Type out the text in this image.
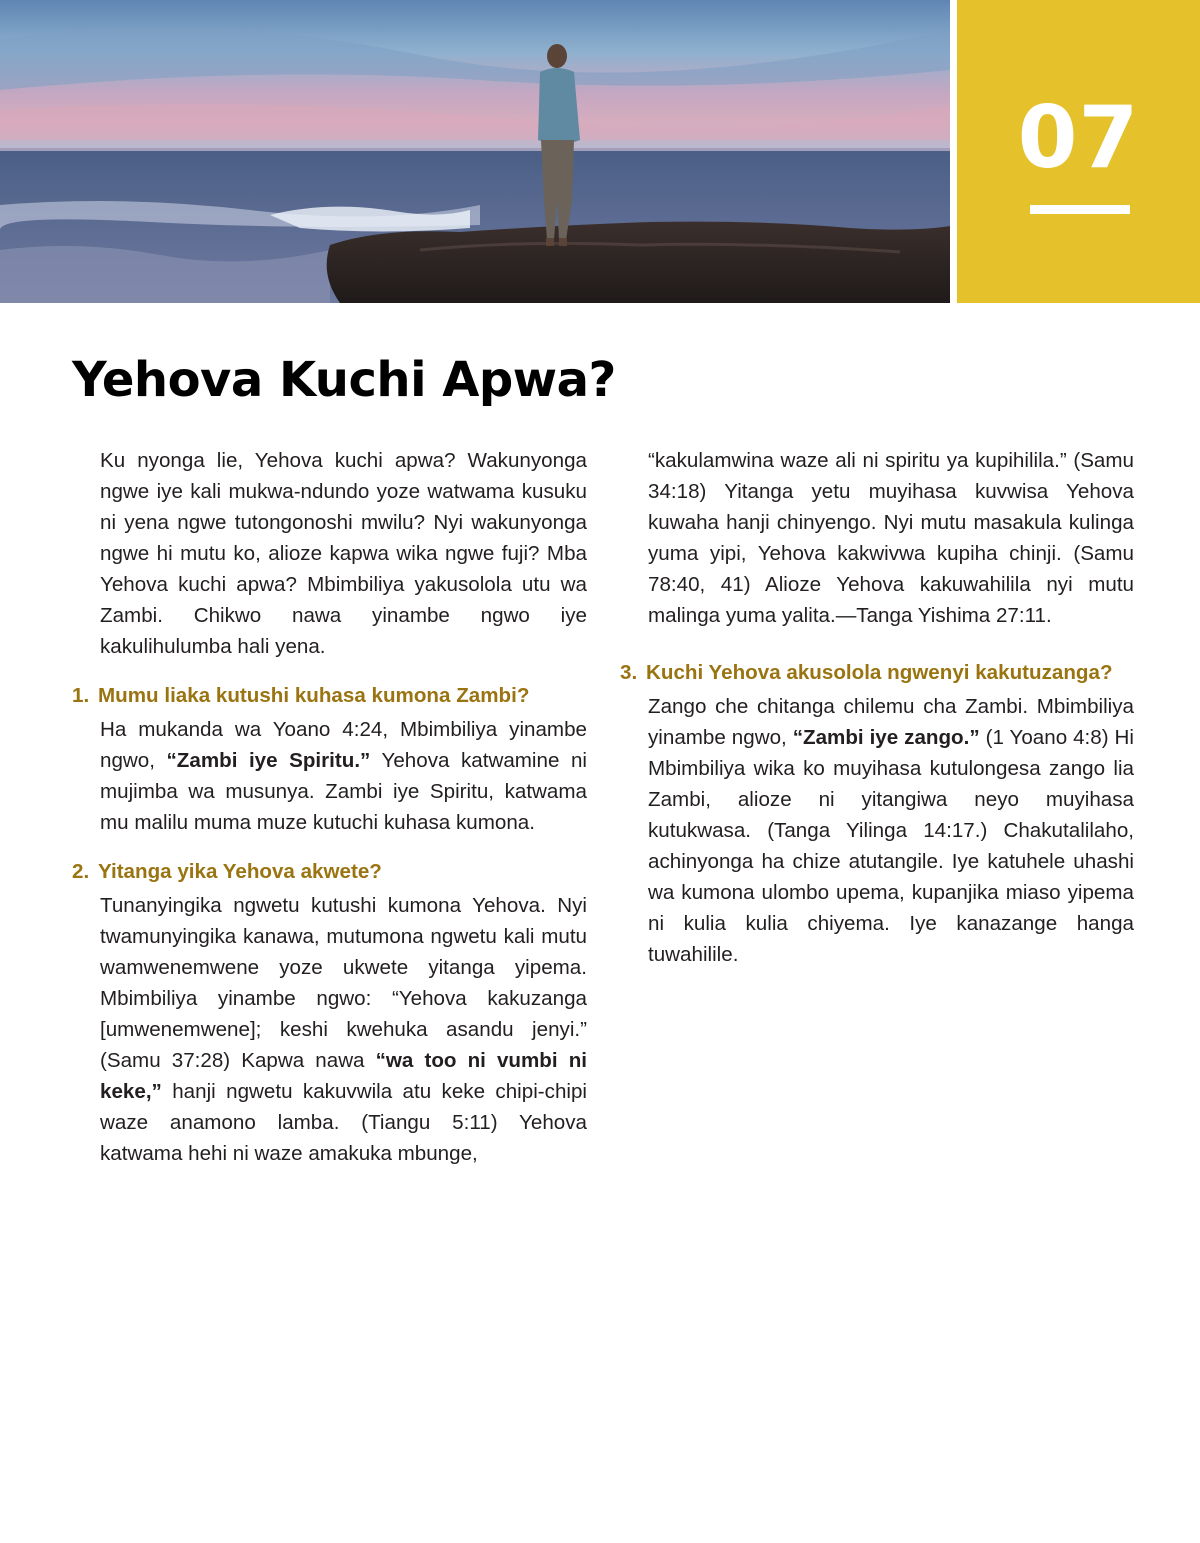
07
Yehova Kuchi Apwa?

Ku nyonga lie, Yehova kuchi apwa? Wakunyonga ngwe iye kali mukwa-ndundo yoze watwama kusuku ni yena ngwe tutongonoshi mwilu? Nyi wakunyonga ngwe hi mutu ko, alioze kapwa wika ngwe fuji? Mba Yehova kuchi apwa? Mbimbiliya yakusolola utu wa Zambi. Chikwo nawa yinambe ngwo iye kakulihulumba hali yena.

1. Mumu liaka kutushi kuhasa kumona Zambi?

Ha mukanda wa Yoano 4:24, Mbimbiliya yinambe ngwo, “Zambi iye Spiritu.” Yehova katwamine ni mujimba wa musunya. Zambi iye Spiritu, katwama mu malilu muma muze kutuchi kuhasa kumona.

2. Yitanga yika Yehova akwete?

Tunanyingika ngwetu kutushi kumona Yehova. Nyi twamunyingika kanawa, mutumona ngwetu kali mutu wamwenemwene yoze ukwete yitanga yipema. Mbimbiliya yinambe ngwo: “Yehova kakuzanga [umwenemwene]; keshi kwehuka asandu jenyi.” (Samu 37:28) Kapwa nawa “wa too ni vumbi ni keke,” hanji ngwetu kakuvwila atu keke chipi-chipi waze anamono lamba. (Tiangu 5:11) Yehova katwama hehi ni waze amakuka mbunge,

“kakulamwina waze ali ni spiritu ya kupihilila.” (Samu 34:18) Yitanga yetu muyihasa kuvwisa Yehova kuwaha hanji chinyengo. Nyi mutu masakula kulinga yuma yipi, Yehova kakwivwa kupiha chinji. (Samu 78:40, 41) Alioze Yehova kakuwahilila nyi mutu malinga yuma yalita.—Tanga Yishima 27:11.

3. Kuchi Yehova akusolola ngwenyi kakutuzanga?

Zango che chitanga chilemu cha Zambi. Mbimbiliya yinambe ngwo, “Zambi iye zango.” (1 Yoano 4:8) Hi Mbimbiliya wika ko muyihasa kutulongesa zango lia Zambi, alioze ni yitangiwa neyo muyihasa kutukwasa. (Tanga Yilinga 14:17.) Chakutalilaho, achinyonga ha chize atutangile. Iye katuhele uhashi wa kumona ulombo upema, kupanjika miaso yipema ni kulia kulia chiyema. Iye kanazange hanga tuwahilile.
